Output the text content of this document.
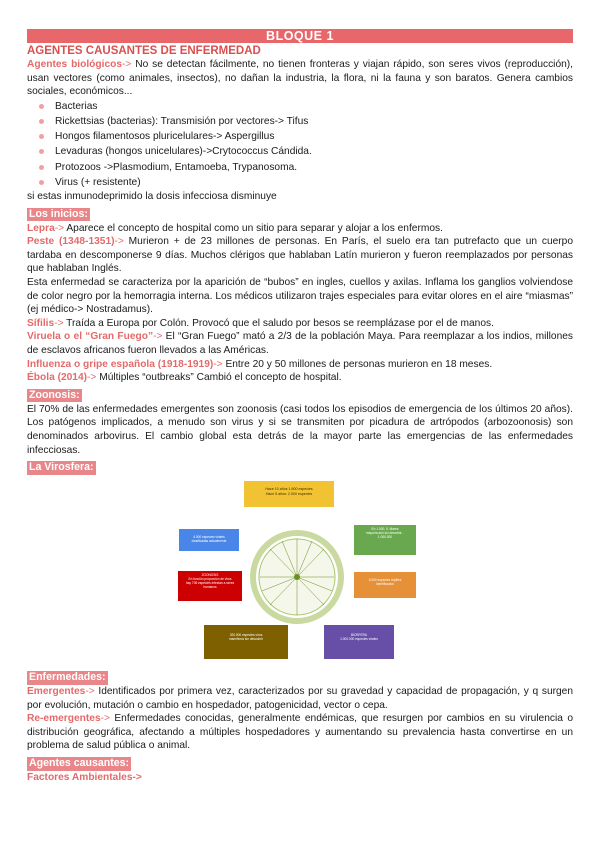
BLOQUE 1
AGENTES CAUSANTES DE ENFERMEDAD

Agentes biológicos-> No se detectan fácilmente, no tienen fronteras y viajan rápido, son seres vivos (reproducción), usan vectores (como animales, insectos), no dañan la industria, la flora, ni la fauna y son baratos. Genera cambios sociales, económicos...

Bacterias
Rickettsias (bacterias): Transmisión por vectores-> Tifus
Hongos filamentosos pluricelulares-> Aspergillus
Levaduras (hongos unicelulares)->Crytococcus Cándida.
Protozoos ->Plasmodium, Entamoeba, Trypanosoma.
Virus (+ resistente)

si estas inmunodeprimido la dosis infecciosa disminuye

Los inicios:

Lepra-> Aparece el concepto de hospital como un sitio para separar y alojar a los enfermos.

Peste (1348-1351)-> Murieron + de 23 millones de personas. En París, el suelo era tan putrefacto que un cuerpo tardaba en descomponerse 9 días. Muchos clérigos que hablaban Latín murieron y fueron reemplazados por personas que hablaban Inglés.

Esta enfermedad se caracteriza por la aparición de “bubos” en ingles, cuellos y axilas. Inflama los ganglios volviendose de color negro por la hemorragia interna. Los médicos utilizaron trajes especiales para evitar olores en el aire “miasmas” (ej médico-> Nostradamus).

Sífilis-> Traída a Europa por Colón. Provocó que el saludo por besos se reemplázase por el de manos.

Viruela o el “Gran Fuego”-> El “Gran Fuego” mató a 2/3 de la población Maya. Para reemplazar a los indios, millones de esclavos africanos fueron llevados a las Américas.

Influenza o gripe española (1918-1919)-> Entre 20 y 50 millones de personas murieron en 18 meses.

Ébola (2014)-> Múltiples “outbreaks” Cambió el concepto de hospital.

Zoonosis:

El 70% de las enfermedades emergentes son zoonosis (casi todos los episodios de emergencia de los últimos 20 años). Los patógenos implicados, a menudo son virus y si se transmiten por picadura de artrópodos (arbozoonosis) son denominados arbovirus. El cambio global esta detrás de la mayor parte las emergencias de las enfermedades infecciosas.

La Virosfera:
Hace 10 años 1.600 especies
Hace 5 años: 2.000 especies
4.000 especies virales
clasificadas actualmente
En 1.000, 5. Mares
mayoría aún sin describir...
1.000.000
ZOONOSIS
En función proporción de virus
hay 706 especies infectan a seres
humanos
5.000 especies reptiles
identificados
320.000 especies virus
mamíferos sin descubrir
BIOSFERA
1.000.000 especies virales
Enfermedades:

Emergentes-> Identificados por primera vez, caracterizados por su gravedad y capacidad de propagación, y q surgen por evolución, mutación o cambio en hospedador, patogenicidad, vector o cepa.

Re-emergentes-> Enfermedades conocidas, generalmente endémicas, que resurgen por cambios en su virulencia o distribución geográfica, afectando a múltiples hospedadores y aumentando su prevalencia hasta convertirse en un problema de salud pública o animal.

Agentes causantes:

Factores Ambientales->
